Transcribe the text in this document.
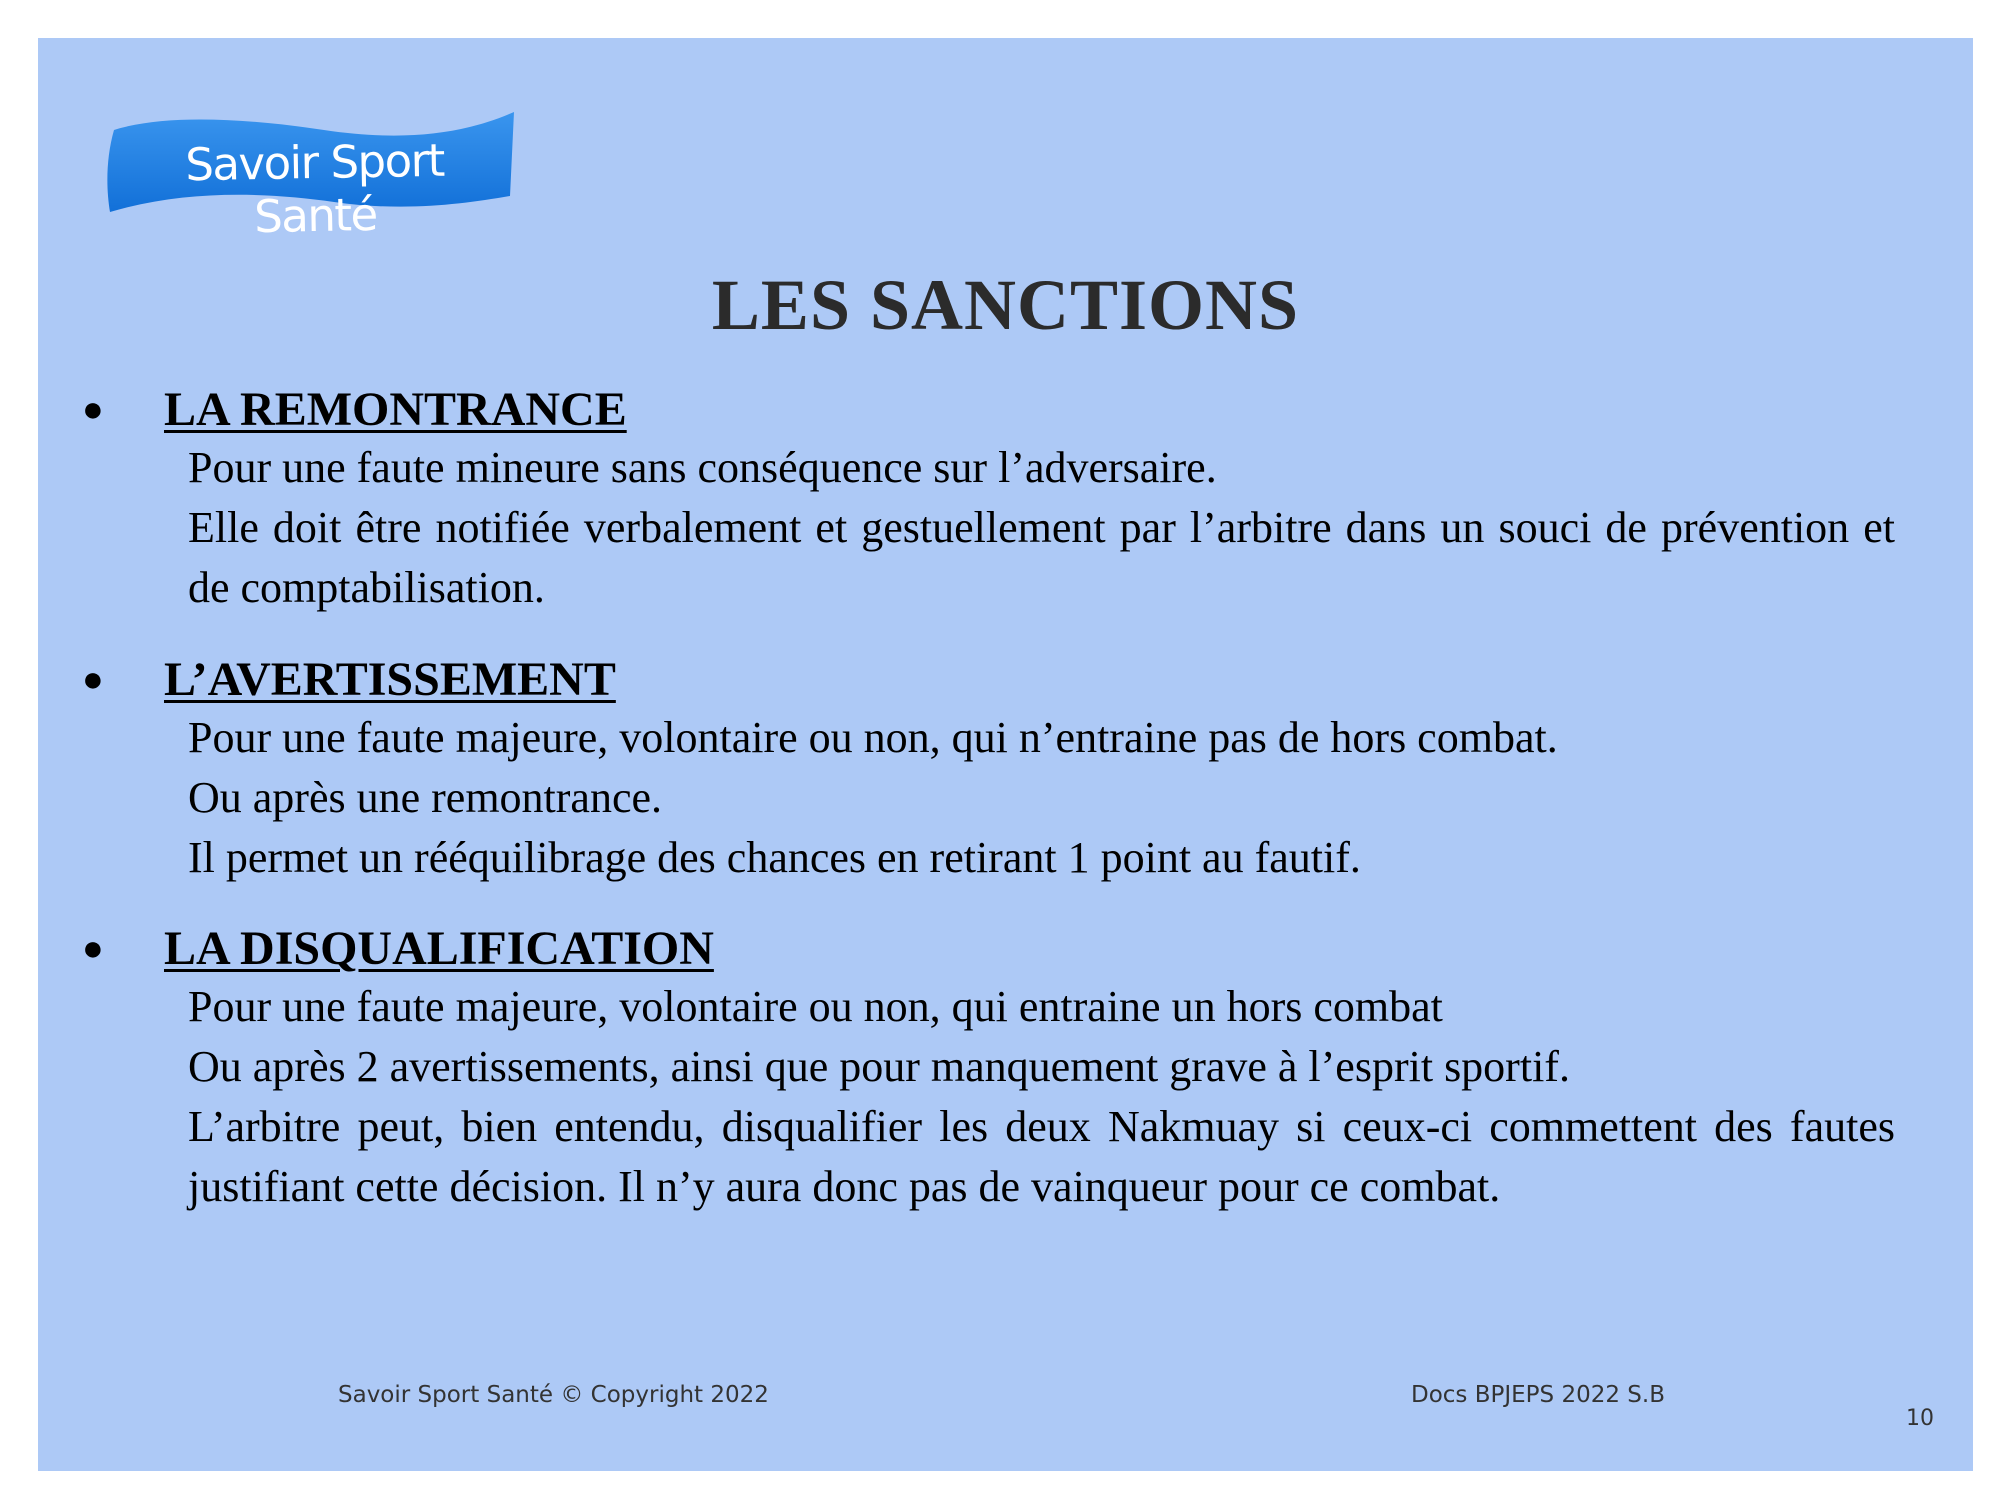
Savoir Sport Santé
LES SANCTIONS
● LA REMONTRANCE
Pour une faute mineure sans conséquence sur l’adversaire.
Elle doit être notifiée verbalement et gestuellement par l’arbitre dans un souci de prévention et de comptabilisation.
● L’AVERTISSEMENT
Pour une faute majeure, volontaire ou non, qui n’entraine pas de hors combat.
Ou après une remontrance.
Il permet un rééquilibrage des chances en retirant 1 point au fautif.
● LA DISQUALIFICATION
Pour une faute majeure, volontaire ou non, qui entraine un hors combat
Ou après 2 avertissements, ainsi que pour manquement grave à l’esprit sportif.
L’arbitre peut, bien entendu, disqualifier les deux Nakmuay si ceux-ci commettent des fautes justifiant cette décision. Il n’y aura donc pas de vainqueur pour ce combat.
Savoir Sport Santé © Copyright 2022	Docs BPJEPS 2022 S.B
10
